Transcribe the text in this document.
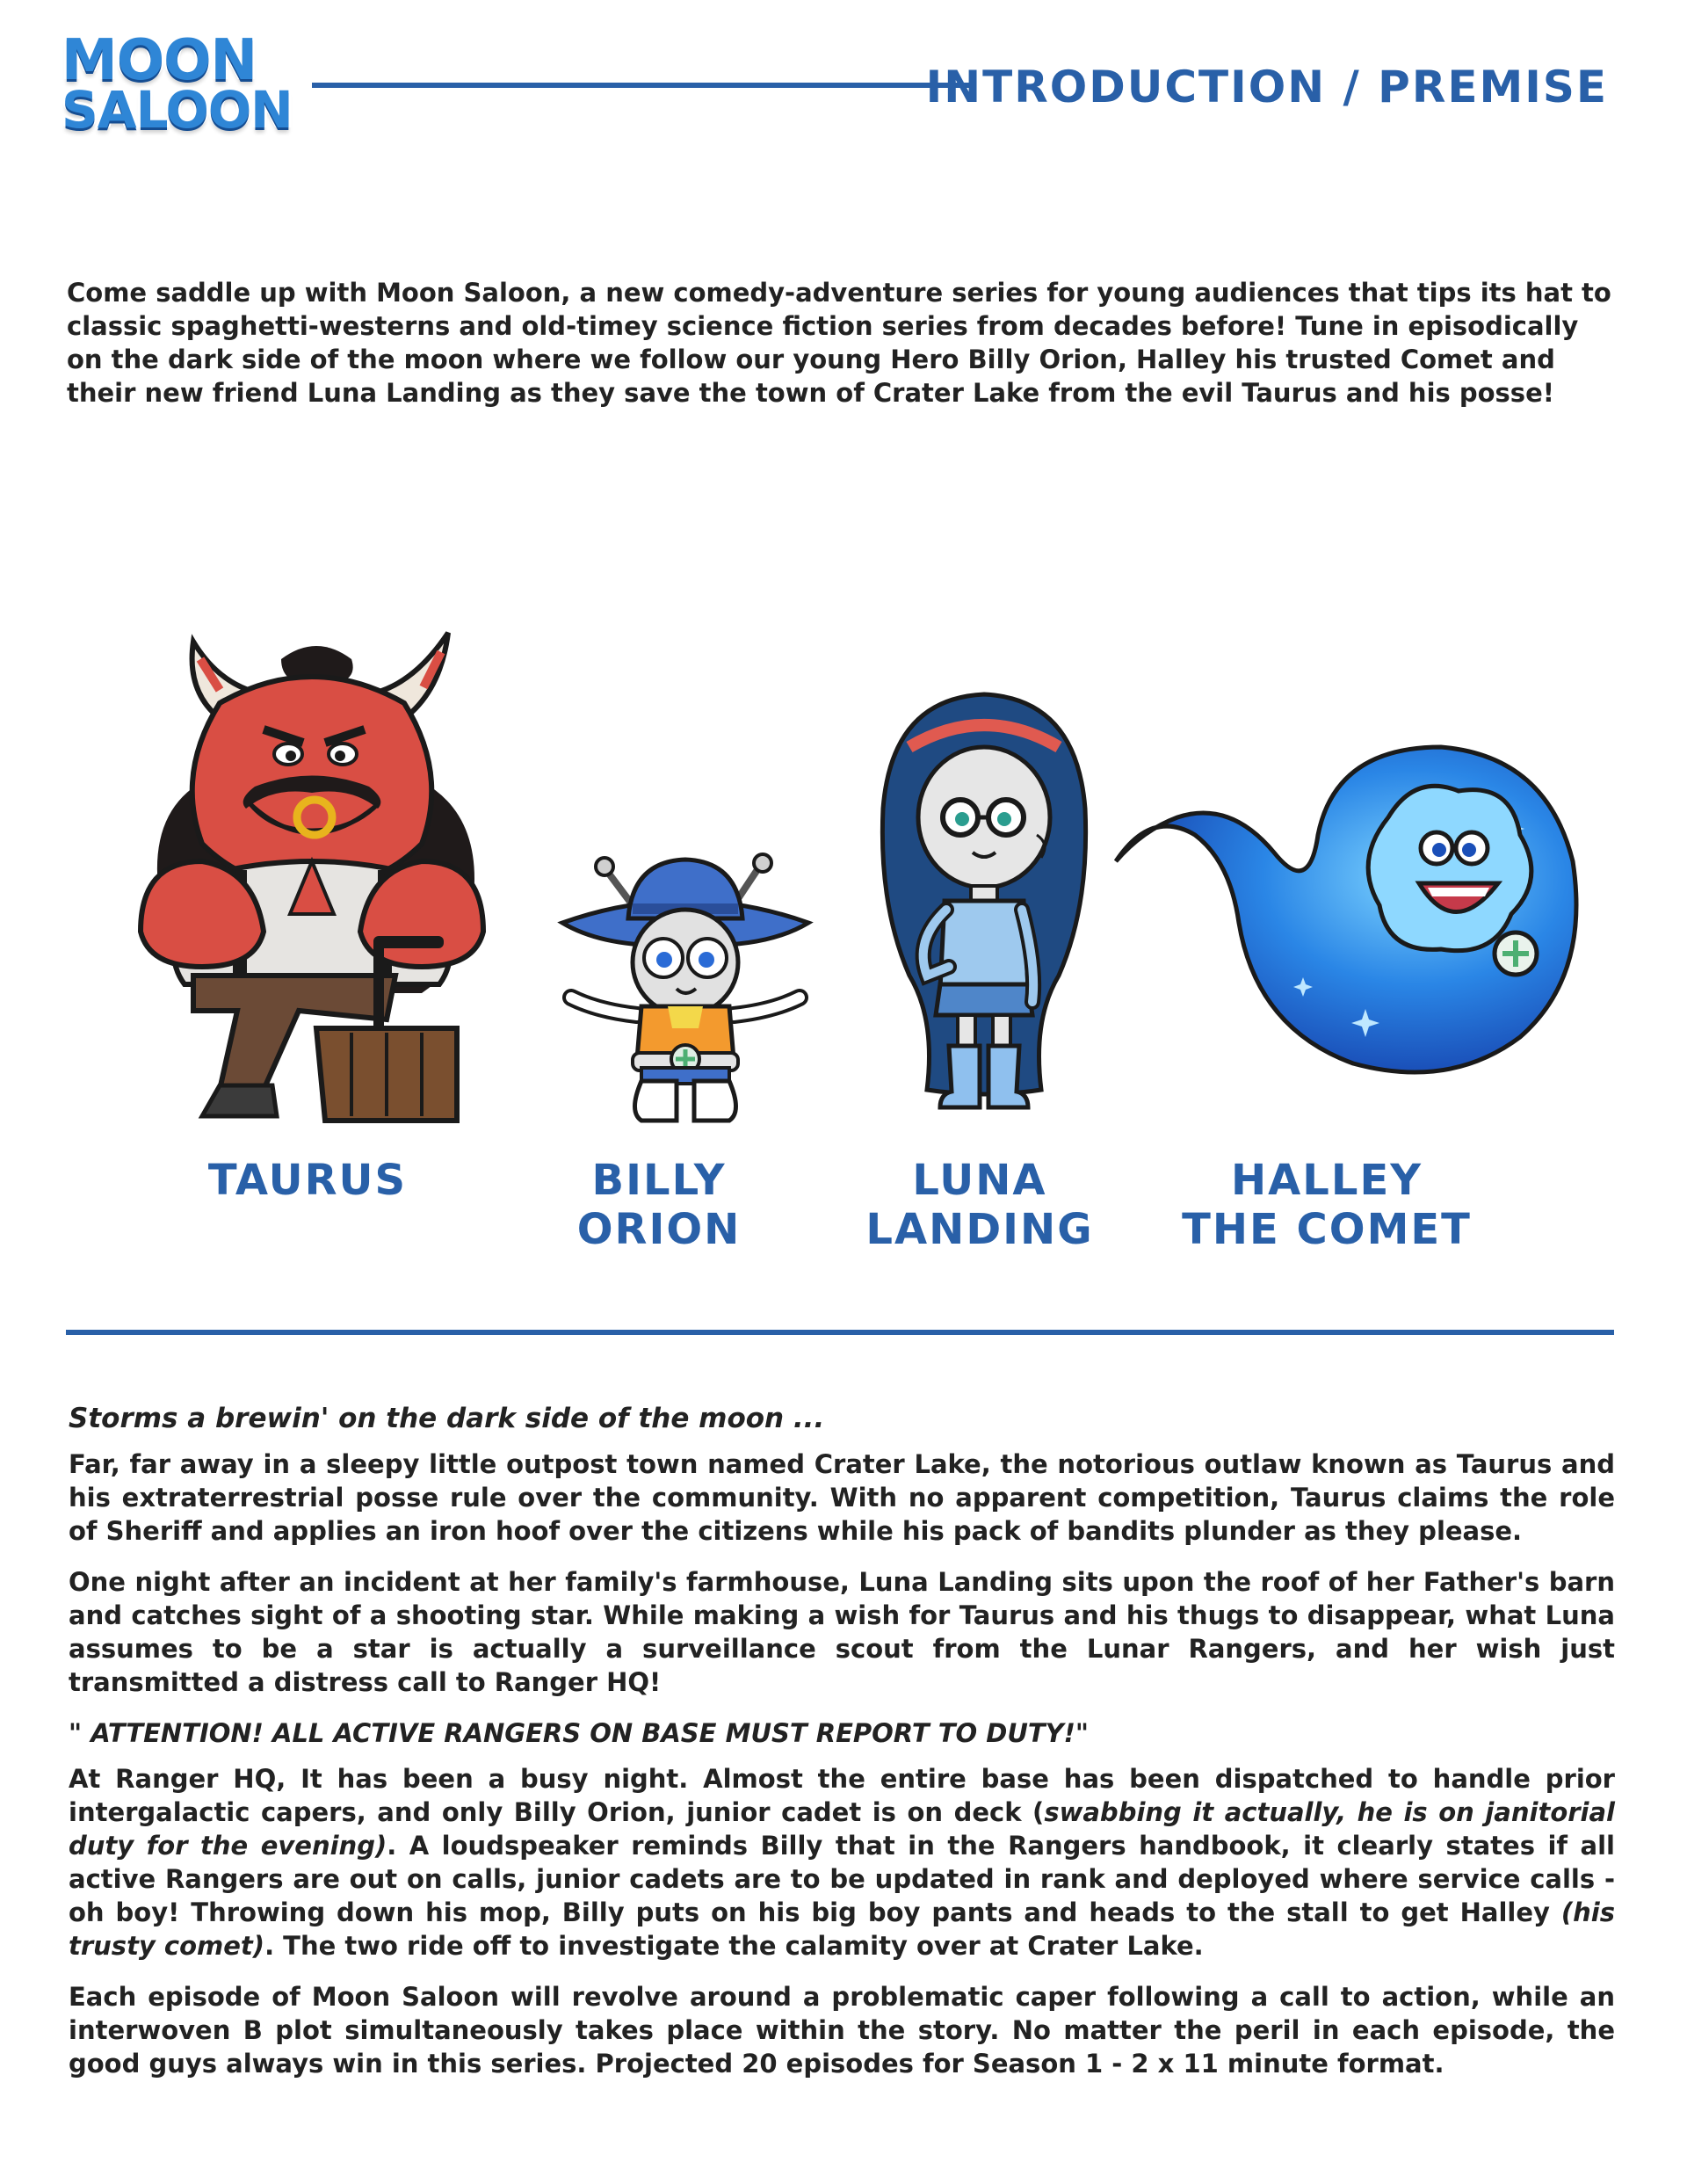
MOON
SALOON	INTRODUCTION / PREMISE

Come saddle up with Moon Saloon, a new comedy-adventure series for young audiences that tips its hat to classic spaghetti-westerns and old-timey science fiction series from decades before! Tune in episodically on the dark side of the moon where we follow our young Hero Billy Orion, Halley his trusted Comet and their new friend Luna Landing as they save the town of Crater Lake from the evil Taurus and his posse!

TAURUS	BILLY
ORION
LUNA
LANDING
HALLEY
THE COMET

Storms a brewin' on the dark side of the moon ...

Far, far away in a sleepy little outpost town named Crater Lake, the notorious outlaw known as Taurus and his extraterrestrial posse rule over the community. With no apparent competition, Taurus claims the role of Sheriff and applies an iron hoof over the citizens while his pack of bandits plunder as they please.

One night after an incident at her family's farmhouse, Luna Landing sits upon the roof of her Father's barn and catches sight of a shooting star. While making a wish for Taurus and his thugs to disappear, what Luna assumes to be a star is actually a surveillance scout from the Lunar Rangers, and her wish just transmitted a distress call to Ranger HQ!

" ATTENTION! ALL ACTIVE RANGERS ON BASE MUST REPORT TO DUTY!"

At Ranger HQ, It has been a busy night. Almost the entire base has been dispatched to handle prior intergalactic capers, and only Billy Orion, junior cadet is on deck (swabbing it actually, he is on janitorial duty for the evening). A loudspeaker reminds Billy that in the Rangers handbook, it clearly states if all active Rangers are out on calls, junior cadets are to be updated in rank and deployed where service calls - oh boy! Throwing down his mop, Billy puts on his big boy pants and heads to the stall to get Halley (his trusty comet). The two ride off to investigate the calamity over at Crater Lake.

Each episode of Moon Saloon will revolve around a problematic caper following a call to action, while an interwoven B plot simultaneously takes place within the story. No matter the peril in each episode, the good guys always win in this series. Projected 20 episodes for Season 1 - 2 x 11 minute format.
